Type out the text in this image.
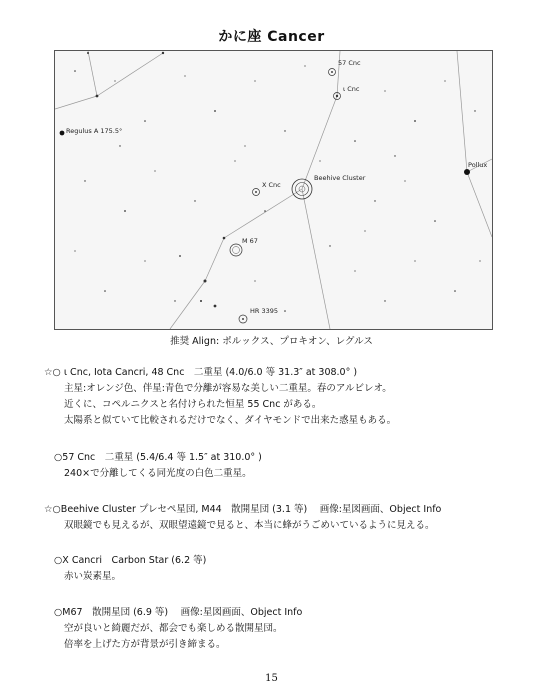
かに座 Cancer
57 Cnc
ι Cnc
Regulus A 175.5°
Pollux
Beehive Cluster
X Cnc
M 67
HR 3395
推奨 Align: ポルックス、プロキオン、レグルス
☆○ ι Cnc, Iota Cancri, 48 Cnc　二重星 (4.0/6.0 等 31.3″ at 308.0° )
主星:オレンジ色、伴星:青色で分離が容易な美しい二重星。春のアルビレオ。
近くに、コペルニクスと名付けられた恒星 55 Cnc がある。
太陽系と似ていて比較されるだけでなく、ダイヤモンドで出来た惑星もある。
○57 Cnc　二重星 (5.4/6.4 等 1.5″ at 310.0° )
240×で分離してくる同光度の白色二重星。
☆○Beehive Cluster プレセペ星団, M44　散開星団 (3.1 等)　 画像:星図画面、Object Info
双眼鏡でも見えるが、双眼望遠鏡で見ると、本当に蜂がうごめいているように見える。
○X Cancri　Carbon Star (6.2 等)
赤い炭素星。
○M67　散開星団 (6.9 等)　 画像:星図画面、Object Info
空が良いと綺麗だが、都会でも楽しめる散開星団。
倍率を上げた方が背景が引き締まる。
15
